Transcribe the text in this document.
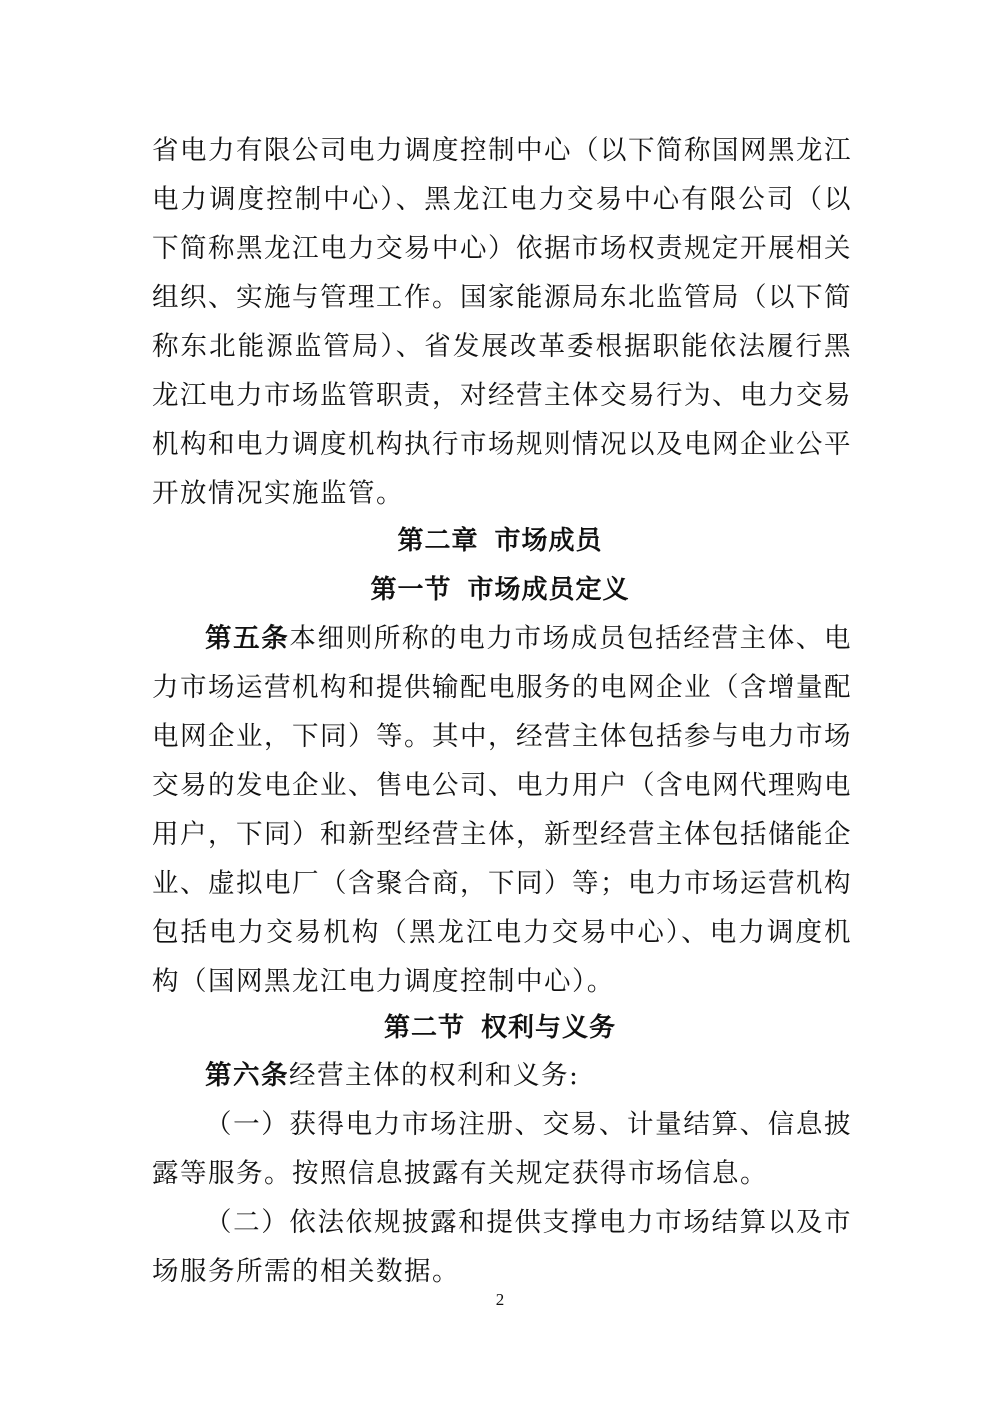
省电力有限公司电力调度控制中心（以下简称国网黑龙江电力调度控制中心）、黑龙江电力交易中心有限公司（以下简称黑龙江电力交易中心）依据市场权责规定开展相关组织、实施与管理工作。国家能源局东北监管局（以下简称东北能源监管局）、省发展改革委根据职能依法履行黑龙江电力市场监管职责，对经营主体交易行为、电力交易机构和电力调度机构执行市场规则情况以及电网企业公平开放情况实施监管。

第二章 市场成员
第一节 市场成员定义

第五条本细则所称的电力市场成员包括经营主体、电力市场运营机构和提供输配电服务的电网企业（含增量配电网企业，下同）等。其中，经营主体包括参与电力市场交易的发电企业、售电公司、电力用户（含电网代理购电用户，下同）和新型经营主体，新型经营主体包括储能企业、虚拟电厂（含聚合商，下同）等；电力市场运营机构包括电力交易机构（黑龙江电力交易中心）、电力调度机构（国网黑龙江电力调度控制中心）。

第二节 权利与义务

第六条经营主体的权利和义务:

（一）获得电力市场注册、交易、计量结算、信息披露等服务。按照信息披露有关规定获得市场信息。

（二）依法依规披露和提供支撑电力市场结算以及市场服务所需的相关数据。

2
